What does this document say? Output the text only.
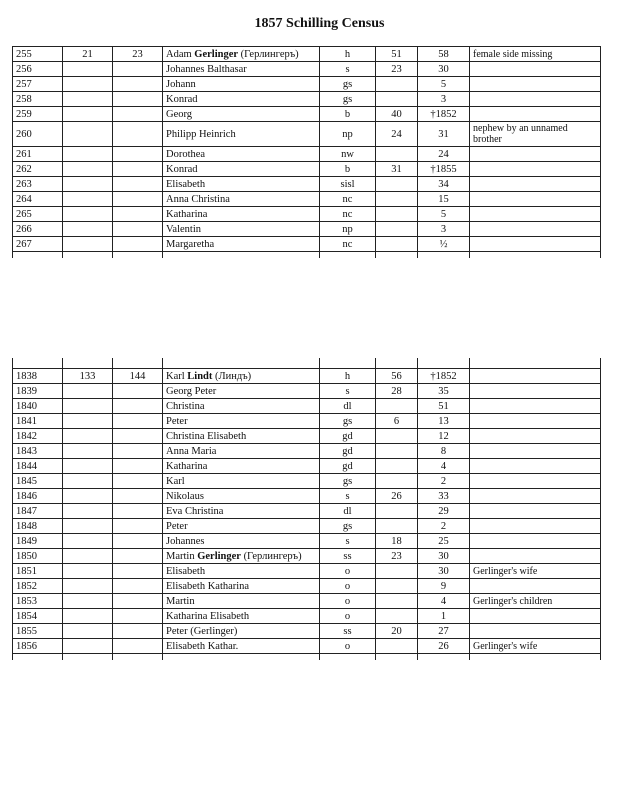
1857 Schilling Census
255	21	23	Adam Gerlinger (Герлингеръ)	h	51	58	female side missing
256			Johannes Balthasar	s	23	30	
257			Johann	gs		5	
258			Konrad	gs		3	
259			Georg	b	40	†1852	
260			Philipp Heinrich	np	24	31	nephew by an unnamed brother
261			Dorothea	nw		24	
262			Konrad	b	31	†1855	
263			Elisabeth	sisl		34	
264			Anna Christina	nc		15	
265			Katharina	nc		5	
266			Valentin	np		3	
267			Margaretha	nc		½	

1838	133	144	Karl Lindt (Линдъ)	h	56	†1852	
1839			Georg Peter	s	28	35	
1840			Christina	dl		51	
1841			Peter	gs	6	13	
1842			Christina Elisabeth	gd		12	
1843			Anna Maria	gd		8	
1844			Katharina	gd		4	
1845			Karl	gs		2	
1846			Nikolaus	s	26	33	
1847			Eva Christina	dl		29	
1848			Peter	gs		2	
1849			Johannes	s	18	25	
1850			Martin Gerlinger (Герлингеръ)	ss	23	30	
1851			Elisabeth	o		30	Gerlinger's wife
1852			Elisabeth Katharina	o		9	
1853			Martin	o		4	Gerlinger's children
1854			Katharina Elisabeth	o		1	
1855			Peter (Gerlinger)	ss	20	27	
1856			Elisabeth Kathar.	o		26	Gerlinger's wife
